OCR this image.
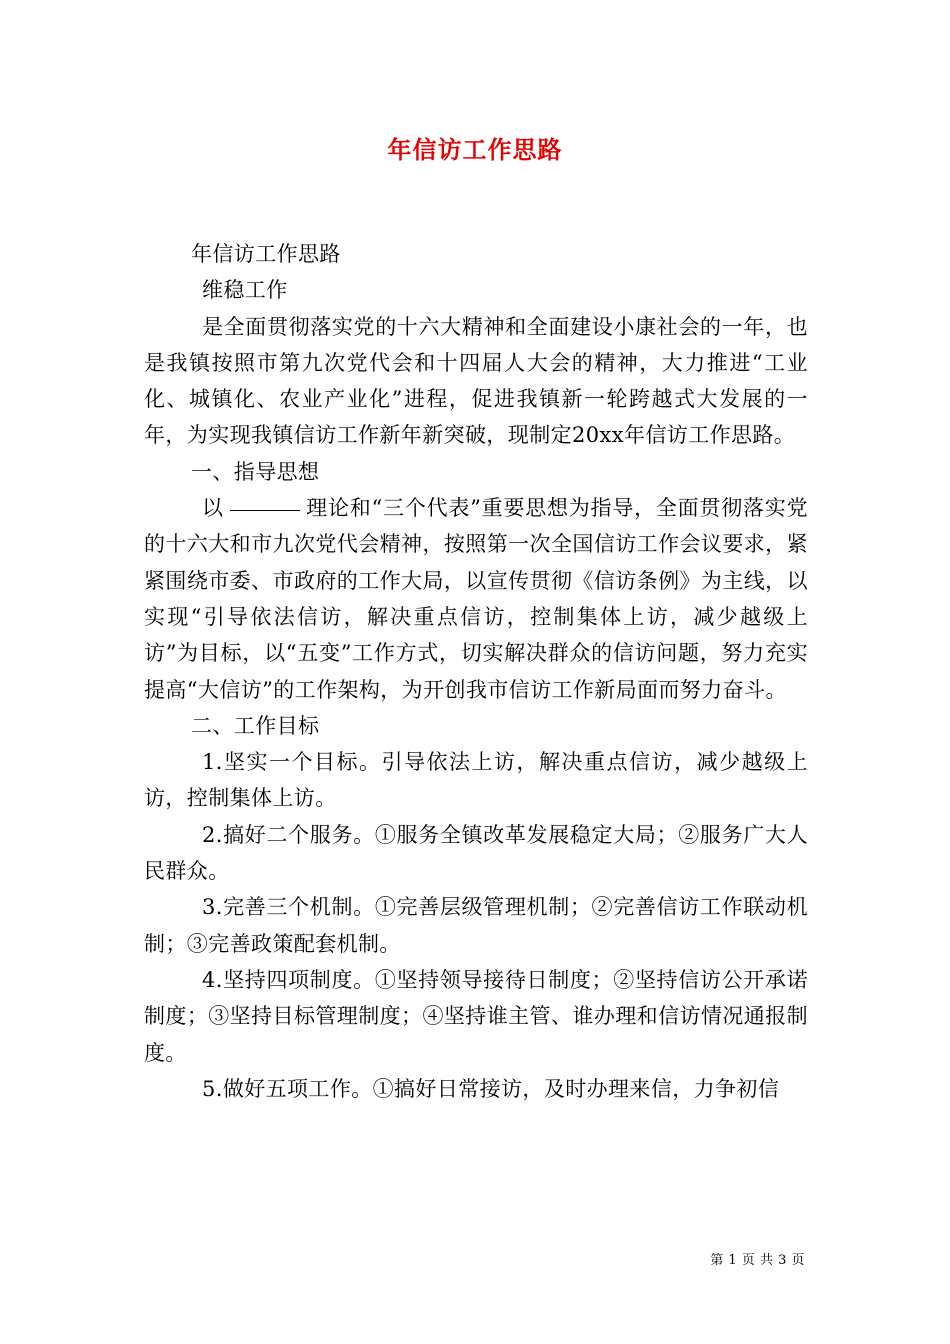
年信访工作思路

年信访工作思路

维稳工作

是全面贯彻落实党的十六大精神和全面建设小康社会的一年，也是我镇按照市第九次党代会和十四届人大会的精神，大力推进“工业化、城镇化、农业产业化”进程，促进我镇新一轮跨越式大发展的一年，为实现我镇信访工作新年新突破，现制定20xx年信访工作思路。

一、指导思想

以	理论和“三个代表”重要思想为指导，全面贯彻落实党的十六大和市九次党代会精神，按照第一次全国信访工作会议要求，紧紧围绕市委、市政府的工作大局，以宣传贯彻《信访条例》为主线，以实现“引导依法信访，解决重点信访，控制集体上访，减少越级上访”为目标，以“五变”工作方式，切实解决群众的信访问题，努力充实提高“大信访”的工作架构，为开创我市信访工作新局面而努力奋斗。

二、工作目标

1.坚实一个目标。引导依法上访，解决重点信访，减少越级上访，控制集体上访。

2.搞好二个服务。①服务全镇改革发展稳定大局；②服务广大人民群众。

3.完善三个机制。①完善层级管理机制；②完善信访工作联动机制；③完善政策配套机制。

4.坚持四项制度。①坚持领导接待日制度；②坚持信访公开承诺制度；③坚持目标管理制度；④坚持谁主管、谁办理和信访情况通报制度。

5.做好五项工作。①搞好日常接访，及时办理来信，力争初信

第 1 页 共 3 页
